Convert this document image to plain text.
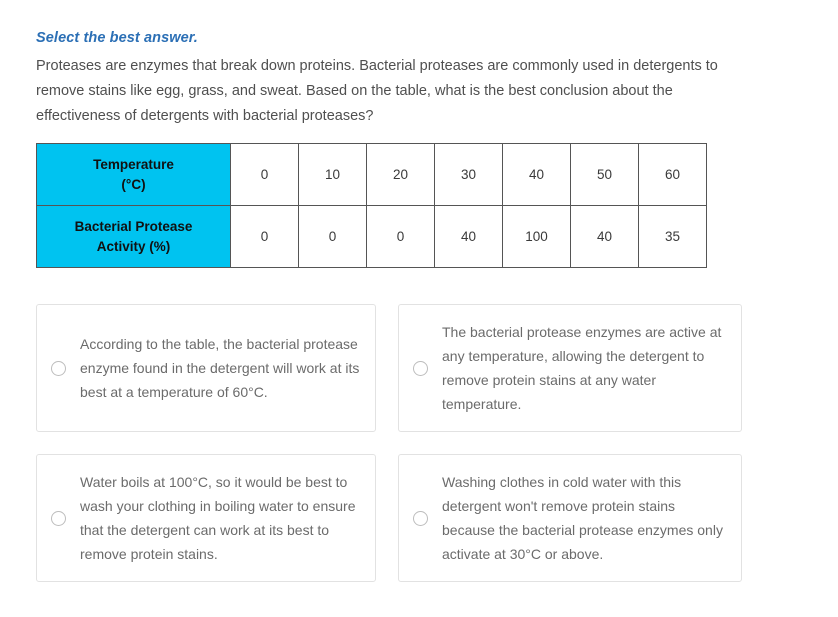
Select the best answer.
Proteases are enzymes that break down proteins. Bacterial proteases are commonly used in detergents to remove stains like egg, grass, and sweat. Based on the table, what is the best conclusion about the effectiveness of detergents with bacterial proteases?
Temperature
(°C)	0	10	20	30	40	50	60

Bacterial Protease
Activity (%)	0	0	0	40	100	40	35
According to the table, the bacterial protease enzyme found in the detergent will work at its best at a temperature of 60°C.
The bacterial protease enzymes are active at any temperature, allowing the detergent to remove protein stains at any water temperature.
Water boils at 100°C, so it would be best to wash your clothing in boiling water to ensure that the detergent can work at its best to remove protein stains.
Washing clothes in cold water with this detergent won't remove protein stains because the bacterial protease enzymes only activate at 30°C or above.
